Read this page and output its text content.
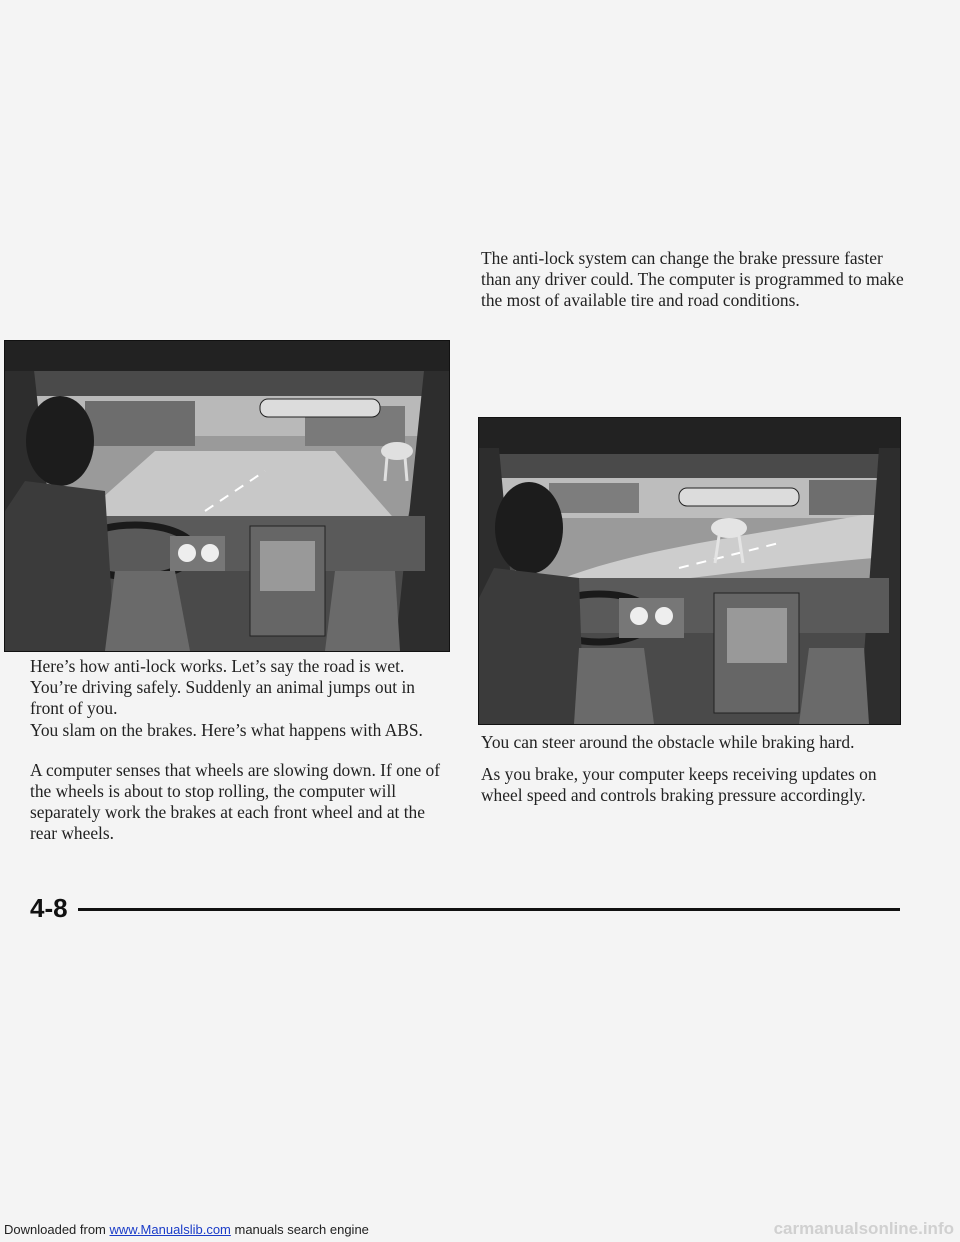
Here’s how anti-lock works. Let’s say the road is wet. You’re driving safely. Suddenly an animal jumps out in front of you.

You slam on the brakes. Here’s what happens with ABS.

A computer senses that wheels are slowing down. If one of the wheels is about to stop rolling, the computer will separately work the brakes at each front wheel and at the rear wheels.

The anti-lock system can change the brake pressure faster than any driver could. The computer is programmed to make the most of available tire and road conditions.

You can steer around the obstacle while braking hard.

As you brake, your computer keeps receiving updates on wheel speed and controls braking pressure accordingly.

4-8
Downloaded from www.Manualslib.com manuals search engine	carmanualsonline.info
